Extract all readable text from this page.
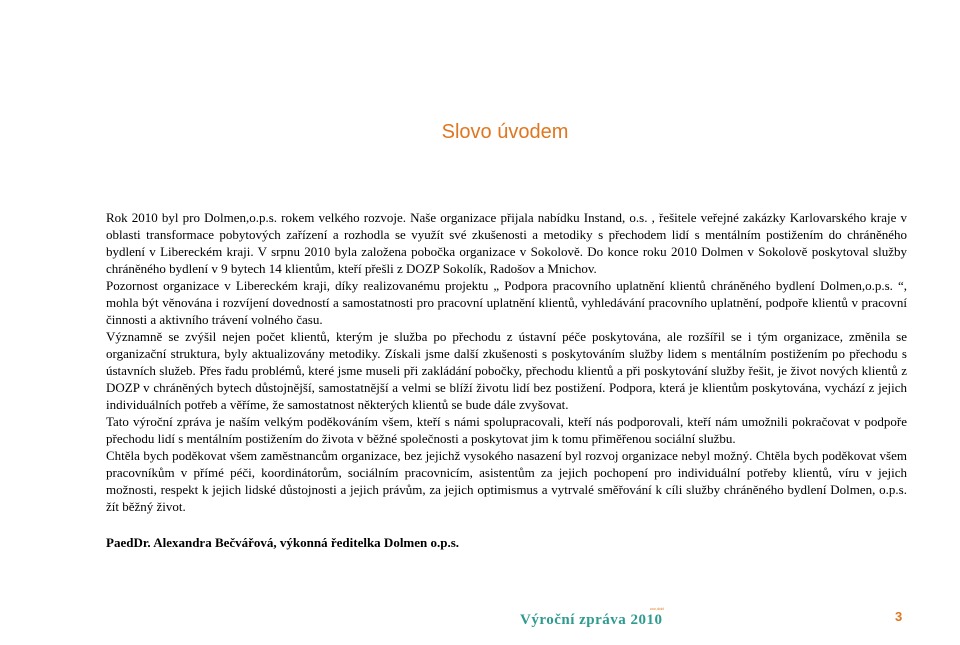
Slovo úvodem

Rok 2010 byl pro Dolmen,o.p.s. rokem velkého rozvoje. Naše organizace přijala nabídku Instand, o.s. , řešitele veřejné zakázky Karlovarského kraje v oblasti transformace pobytových zařízení a rozhodla se využít své zkušenosti a metodiky s přechodem lidí s mentálním postižením do chráněného bydlení v Libereckém kraji. V srpnu 2010 byla založena pobočka organizace v Sokolově. Do konce roku 2010 Dolmen v Sokolově poskytoval služby chráněného bydlení v 9 bytech 14 klientům, kteří přešli z DOZP Sokolík, Radošov a Mnichov.

Pozornost organizace v Libereckém kraji, díky realizovanému projektu „ Podpora pracovního uplatnění klientů chráněného bydlení Dolmen,o.p.s. “, mohla být věnována i rozvíjení dovedností a samostatnosti pro pracovní uplatnění klientů, vyhledávání pracovního uplatnění, podpoře klientů v pracovní činnosti a aktivního trávení volného času.

Významně se zvýšil nejen počet klientů, kterým je služba po přechodu z ústavní péče poskytována, ale rozšířil se i tým organizace, změnila se organizační struktura, byly aktualizovány metodiky. Získali jsme další zkušenosti s poskytováním služby lidem s mentálním postižením po přechodu s ústavních služeb. Přes řadu problémů, které jsme museli při zakládání pobočky, přechodu klientů a při poskytování služby řešit, je život nových klientů z DOZP v chráněných bytech důstojnější, samostatnější a velmi se blíží životu lidí bez postižení. Podpora, která je klientům poskytována, vychází z jejich individuálních potřeb a věříme, že samostatnost některých klientů se bude dále zvyšovat.

Tato výroční zpráva je naším velkým poděkováním všem, kteří s námi spolupracovali, kteří nás podporovali, kteří nám umožnili pokračovat v podpoře přechodu lidí s mentálním postižením do života v běžné společnosti a poskytovat jim k tomu přiměřenou sociální službu.

Chtěla bych poděkovat všem zaměstnancům organizace, bez jejichž vysokého nasazení byl rozvoj organizace nebyl možný. Chtěla bych poděkovat všem pracovníkům v přímé péči, koordinátorům, sociálním pracovnicím, asistentům za jejich pochopení pro individuální potřeby klientů, víru v jejich možnosti, respekt k jejich lidské důstojnosti a jejich právům, za jejich optimismus a vytrvalé směřování k cíli služby chráněného bydlení Dolmen, o.p.s. žít běžný život.

PaedDr. Alexandra Bečvářová, výkonná ředitelka Dolmen o.p.s.

Výroční zpráva 2010
ccc,ddd
3
